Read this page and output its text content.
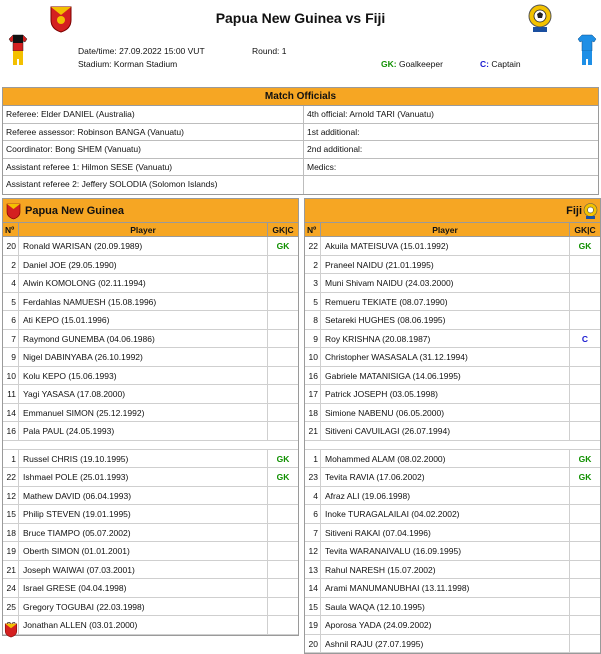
Papua New Guinea vs Fiji
Date/time: 27.09.2022 15:00 VUT	Round: 1
Stadium: Korman Stadium	GK: Goalkeeper	C: Captain
Match Officials
Referee: Elder DANIEL (Australia)	4th official: Arnold TARI (Vanuatu)
Referee assessor: Robinson BANGA (Vanuatu)	1st additional:
Coordinator: Bong SHEM (Vanuatu)	2nd additional:
Assistant referee 1: Hilmon SESE (Vanuatu)	Medics:
Assistant referee 2: Jeffery SOLODIA (Solomon Islands)
Papua New Guinea
Nº	Player	GK|C
20 Ronald WARISAN (20.09.1989)	GK
2 Daniel JOE (29.05.1990)
4 Alwin KOMOLONG (02.11.1994)
5 Ferdahlas NAMUESH (15.08.1996)
6 Ati KEPO (15.01.1996)
7 Raymond GUNEMBA (04.06.1986)
9 Nigel DABINYABA (26.10.1992)
10 Kolu KEPO (15.06.1993)
11 Yagi YASASA (17.08.2000)
14 Emmanuel SIMON (25.12.1992)
16 Pala PAUL (24.05.1993)
1 Russel CHRIS (19.10.1995)	GK
22 Ishmael POLE (25.01.1993)	GK
12 Mathew DAVID (06.04.1993)
15 Philip STEVEN (19.01.1995)
18 Bruce TIAMPO (05.07.2002)
19 Oberth SIMON (01.01.2001)
21 Joseph WAIWAI (07.03.2001)
24 Israel GRESE (04.04.1998)
25 Gregory TOGUBAI (22.03.1998)
Jonathan ALLEN (03.01.2000)
Fiji
Nº	Player	GK|C
22 Akuila MATEISUVA (15.01.1992)	GK
2 Praneel NAIDU (21.01.1995)
3 Muni Shivam NAIDU (24.03.2000)
5 Remueru TEKIATE (08.07.1990)
8 Setareki HUGHES (08.06.1995)
9 Roy KRISHNA (20.08.1987)	C
10 Christopher WASASALA (31.12.1994)
16 Gabriele MATANISIGA (14.06.1995)
17 Patrick JOSEPH (03.05.1998)
18 Simione NABENU (06.05.2000)
21 Sitiveni CAVUILAGI (26.07.1994)
1 Mohammed ALAM (08.02.2000)	GK
23 Tevita RAVIA (17.06.2002)	GK
4 Afraz ALI (19.06.1998)
6 Inoke TURAGALAILAI (04.02.2002)
7 Sitiveni RAKAI (07.04.1996)
12 Tevita WARANAIVALU (16.09.1995)
13 Rahul NARESH (15.07.2002)
14 Arami MANUMANUBHAI (13.11.1998)
15 Saula WAQA (12.10.1995)
19 Aporosa YADA (24.09.2002)
20 Ashnil RAJU (27.07.1995)
